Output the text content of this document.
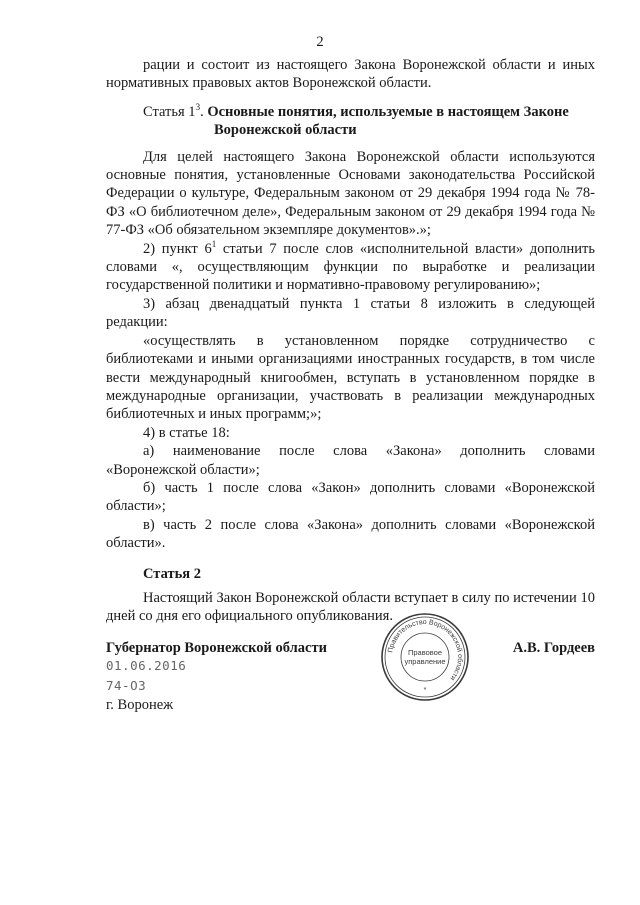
2

рации и состоит из настоящего Закона Воронежской области и иных нормативных правовых актов Воронежской области.

Статья $1^3$. Основные понятия, используемые в настоящем Законе
Воронежской области

Для целей настоящего Закона Воронежской области используются основные понятия, установленные Основами законодательства Российской Федерации о культуре, Федеральным законом от 29 декабря 1994 года № 78-ФЗ «О библиотечном деле», Федеральным законом от 29 декабря 1994 года № 77-ФЗ «Об обязательном экземпляре документов».»;

2) пункт $6^1$ статьи 7 после слов «исполнительной власти» дополнить словами «, осуществляющим функции по выработке и реализации государственной политики и нормативно-правовому регулированию»;

3) абзац двенадцатый пункта 1 статьи 8 изложить в следующей редакции:

«осуществлять в установленном порядке сотрудничество с библиотеками и иными организациями иностранных государств, в том числе вести международный книгообмен, вступать в установленном порядке в международные организации, участвовать в реализации международных библиотечных и иных программ;»;

4) в статье 18:

а) наименование после слова «Закона» дополнить словами «Воронежской области»;

б) часть 1 после слова «Закон» дополнить словами «Воронежской области»;

в) часть 2 после слова «Закона» дополнить словами «Воронежской области».

Статья 2

Настоящий Закон Воронежской области вступает в силу по истечении 10 дней со дня его официального опубликования.

Губернатор Воронежской области	А.В. Гордеев
01.06.2016
74-ОЗ
г. Воронеж
Правительство Воронежской области
Правовое
управление
*
